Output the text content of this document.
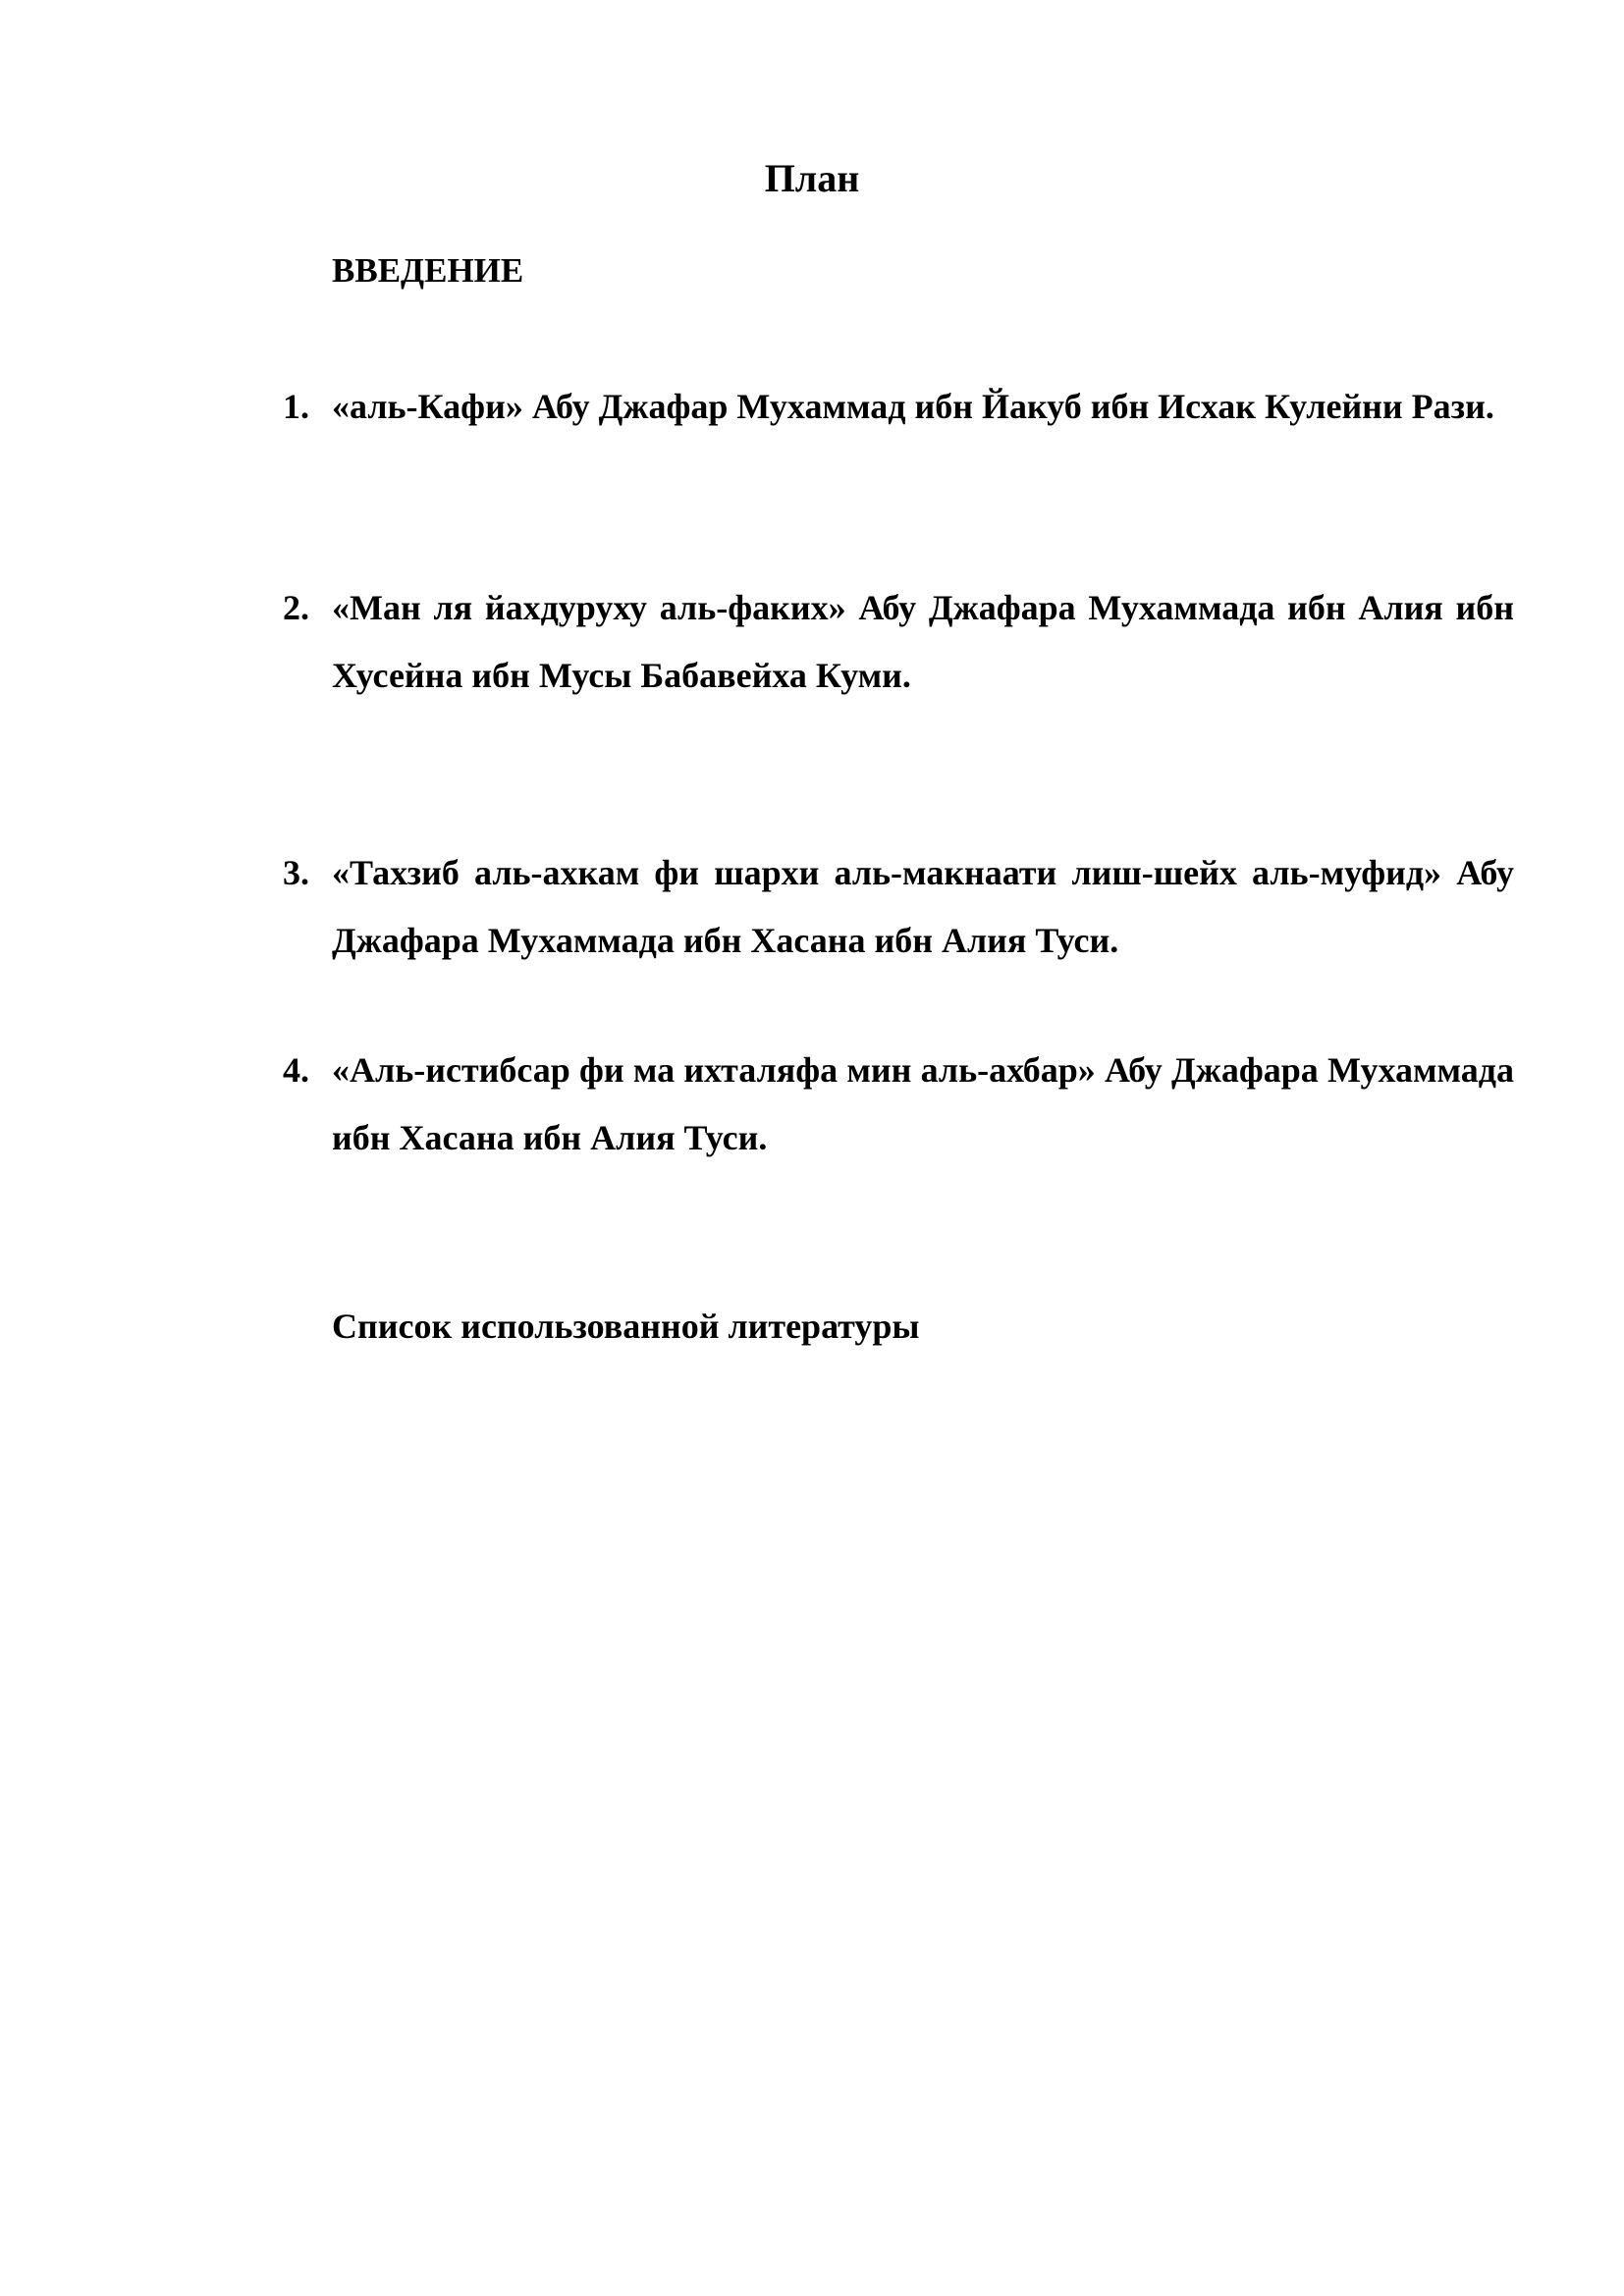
План
ВВЕДЕНИЕ
1. «аль-Кафи» Абу Джафар Мухаммад ибн Йакуб ибн Исхак Кулейни Рази.
2. «Ман ля йахдуруху аль-факих» Абу Джафара Мухаммада ибн Алия ибн Хусейна ибн Мусы Бабавейха Куми.
3. «Тахзиб аль-ахкам фи шархи аль-макнаати лиш-шейх аль-муфид» Абу Джафара Мухаммада ибн Хасана ибн Алия Туси.
4. «Аль-истибсар фи ма ихталяфа мин аль-ахбар» Абу Джафара Мухаммада ибн Хасана ибн Алия Туси.
Список использованной литературы
